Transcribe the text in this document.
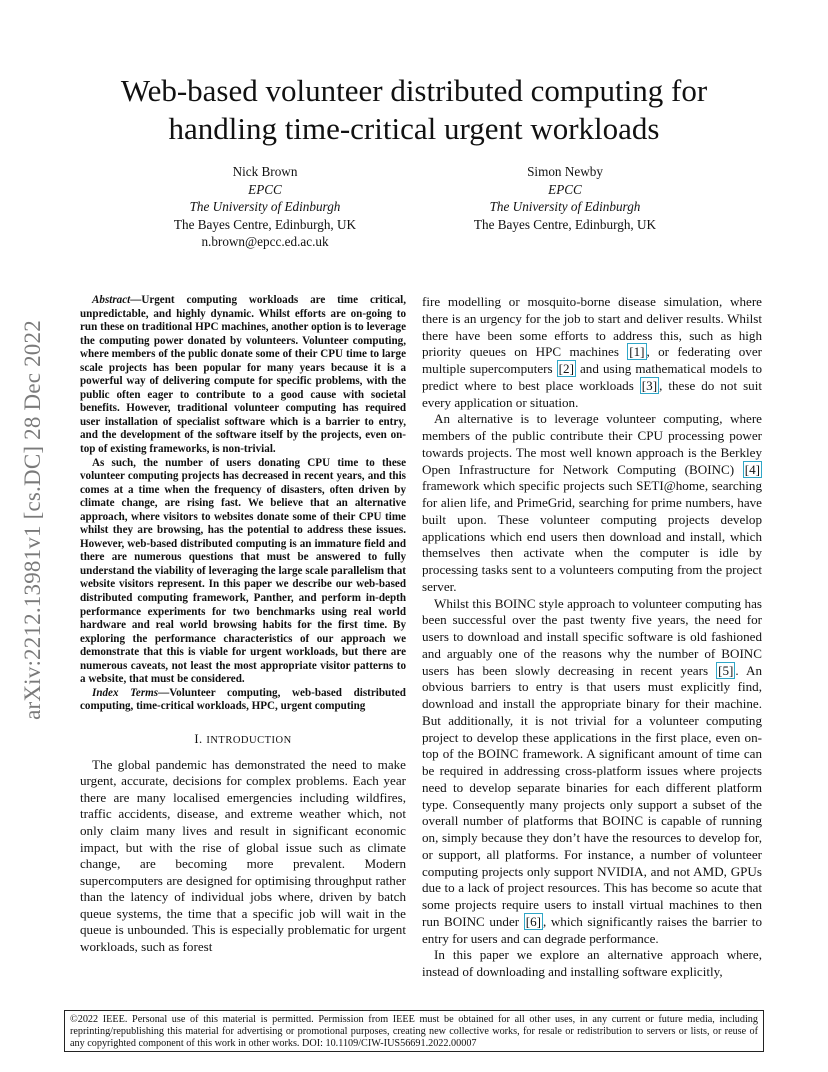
Web-based volunteer distributed computing for
handling time-critical urgent workloads
Nick Brown
EPCC
The University of Edinburgh
The Bayes Centre, Edinburgh, UK
n.brown@epcc.ed.ac.uk
Simon Newby
EPCC
The University of Edinburgh
The Bayes Centre, Edinburgh, UK
arXiv:2212.13981v1 [cs.DC] 28 Dec 2022

Abstract—Urgent computing workloads are time critical, unpredictable, and highly dynamic. Whilst efforts are on-going to run these on traditional HPC machines, another option is to leverage the computing power donated by volunteers. Volunteer computing, where members of the public donate some of their CPU time to large scale projects has been popular for many years because it is a powerful way of delivering compute for specific problems, with the public often eager to contribute to a good cause with societal benefits. However, traditional volunteer computing has required user installation of specialist software which is a barrier to entry, and the development of the software itself by the projects, even on-top of existing frameworks, is non-trivial.

As such, the number of users donating CPU time to these volunteer computing projects has decreased in recent years, and this comes at a time when the frequency of disasters, often driven by climate change, are rising fast. We believe that an alternative approach, where visitors to websites donate some of their CPU time whilst they are browsing, has the potential to address these issues. However, web-based distributed computing is an immature field and there are numerous questions that must be answered to fully understand the viability of leveraging the large scale parallelism that website visitors represent. In this paper we describe our web-based distributed computing framework, Panther, and perform in-depth performance experiments for two benchmarks using real world hardware and real world browsing habits for the first time. By exploring the performance characteristics of our approach we demonstrate that this is viable for urgent workloads, but there are numerous caveats, not least the most appropriate visitor patterns to a website, that must be considered.

Index Terms—Volunteer computing, web-based distributed computing, time-critical workloads, HPC, urgent computing

I. INTRODUCTION

The global pandemic has demonstrated the need to make urgent, accurate, decisions for complex problems. Each year there are many localised emergencies including wildfires, traffic accidents, disease, and extreme weather which, not only claim many lives and result in significant economic impact, but with the rise of global issue such as climate change, are becoming more prevalent. Modern supercomputers are designed for optimising throughput rather than the latency of individual jobs where, driven by batch queue systems, the time that a specific job will wait in the queue is unbounded. This is especially problematic for urgent workloads, such as forest

fire modelling or mosquito-borne disease simulation, where there is an urgency for the job to start and deliver results. Whilst there have been some efforts to address this, such as high priority queues on HPC machines [1] , or federating over multiple supercomputers [2] and using mathematical models to predict where to best place workloads [3] , these do not suit every application or situation.

An alternative is to leverage volunteer computing, where members of the public contribute their CPU processing power towards projects. The most well known approach is the Berkley Open Infrastructure for Network Computing (BOINC) [4] framework which specific projects such SETI@home, searching for alien life, and PrimeGrid, searching for prime numbers, have built upon. These volunteer computing projects develop applications which end users then download and install, which themselves then activate when the computer is idle by processing tasks sent to a volunteers computing from the project server.

Whilst this BOINC style approach to volunteer computing has been successful over the past twenty five years, the need for users to download and install specific software is old fashioned and arguably one of the reasons why the number of BOINC users has been slowly decreasing in recent years [5] . An obvious barriers to entry is that users must explicitly find, download and install the appropriate binary for their machine. But additionally, it is not trivial for a volunteer computing project to develop these applications in the first place, even on-top of the BOINC framework. A significant amount of time can be required in addressing cross-platform issues where projects need to develop separate binaries for each different platform type. Consequently many projects only support a subset of the overall number of platforms that BOINC is capable of running on, simply because they don’t have the resources to develop for, or support, all platforms. For instance, a number of volunteer computing projects only support NVIDIA, and not AMD, GPUs due to a lack of project resources. This has become so acute that some projects require users to install virtual machines to then run BOINC under [6] , which significantly raises the barrier to entry for users and can degrade performance.

In this paper we explore an alternative approach where, instead of downloading and installing software explicitly,

©2022 IEEE. Personal use of this material is permitted. Permission from IEEE must be obtained for all other uses, in any current or future media, including reprinting/republishing this material for advertising or promotional purposes, creating new collective works, for resale or redistribution to servers or lists, or reuse of any copyrighted component of this work in other works. DOI: 10.1109/CIW-IUS56691.2022.00007
